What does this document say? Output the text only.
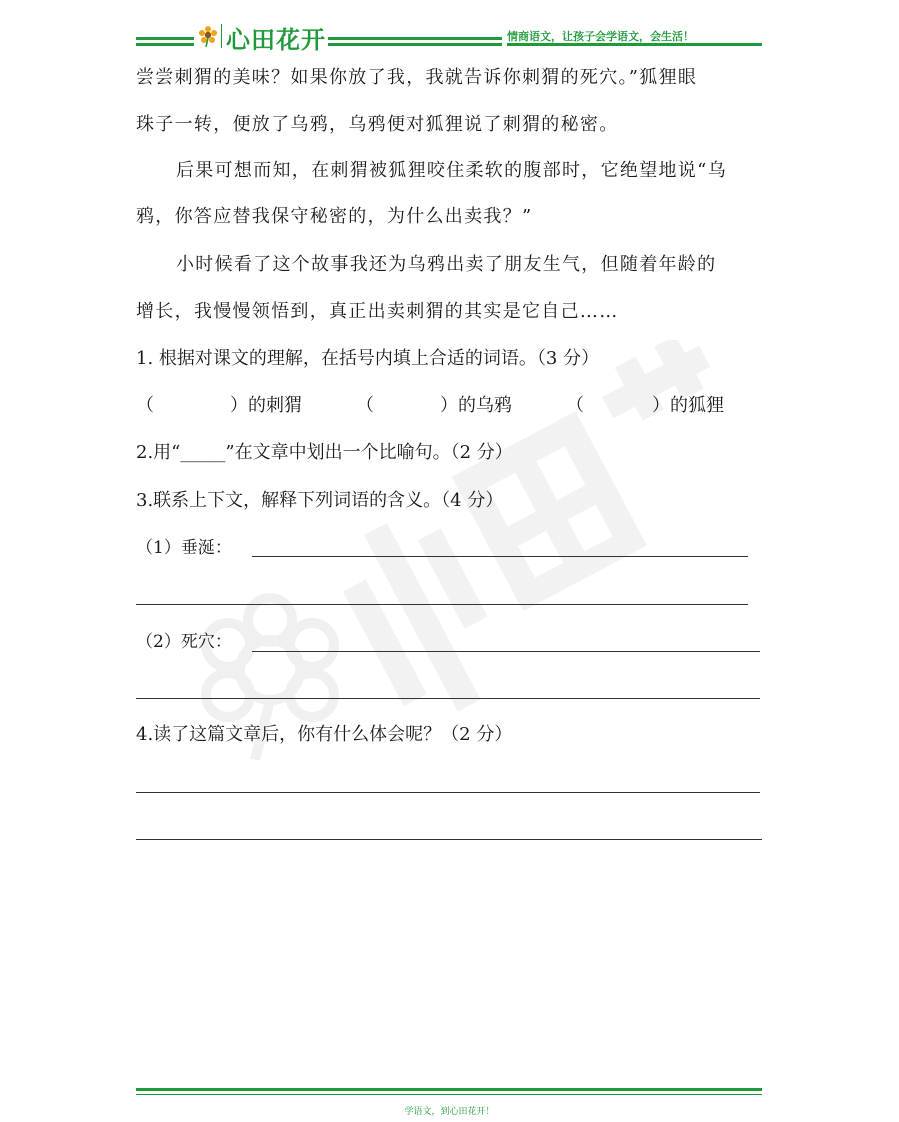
心田花开	情商语文，让孩子会学语文，会生活！

尝尝刺猬的美味？如果你放了我，我就告诉你刺猬的死穴。”狐狸眼

珠子一转，便放了乌鸦，乌鸦便对狐狸说了刺猬的秘密。

后果可想而知，在刺猬被狐狸咬住柔软的腹部时，它绝望地说“乌

鸦，你答应替我保守秘密的，为什么出卖我？”

小时候看了这个故事我还为乌鸦出卖了朋友生气，但随着年龄的

增长，我慢慢领悟到，真正出卖刺猬的其实是它自己……

1. 根据对课文的理解，在括号内填上合适的词语。（3 分）

（	）的刺猬	（	）的乌鸦	（	）的狐狸

2.用“_____”在文章中划出一个比喻句。（2 分）

3.联系上下文，解释下列词语的含义。（4 分）

（1）垂涎：

（2）死穴：

4.读了这篇文章后，你有什么体会呢？（2 分）

学语文，到心田花开！
